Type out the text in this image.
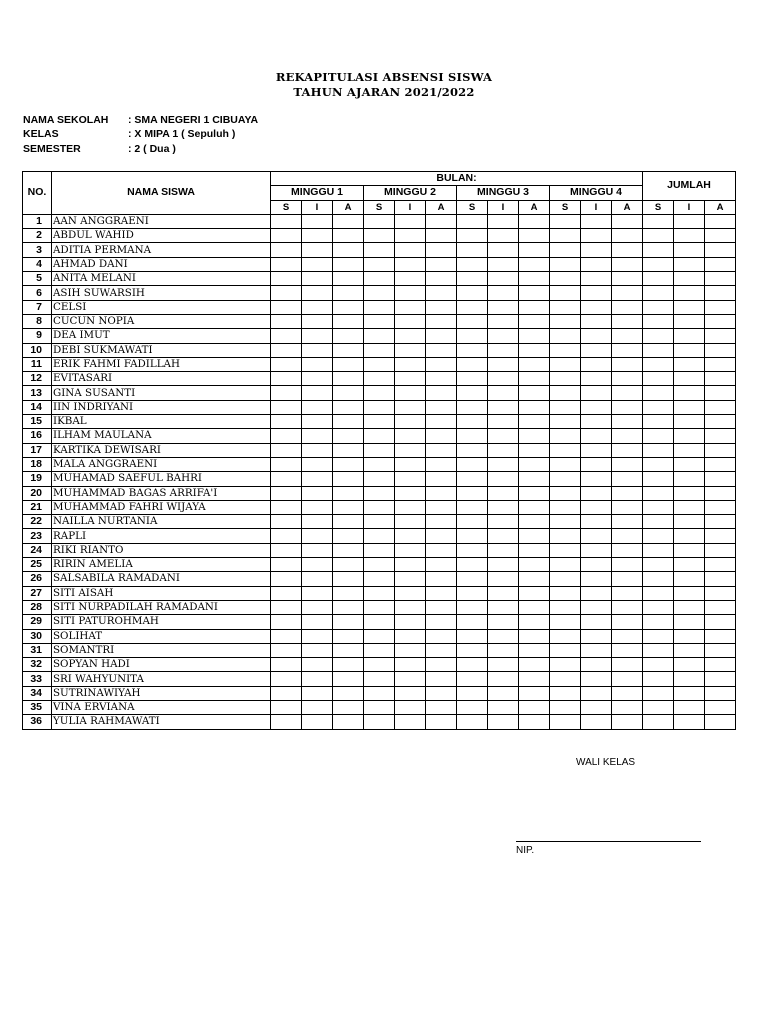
REKAPITULASI ABSENSI SISWA
TAHUN AJARAN 2021/2022
NAMA SEKOLAH : SMA NEGERI 1 CIBUAYA
KELAS	: X MIPA 1 ( Sepuluh )
SEMESTER	: 2 ( Dua )
NO.	NAMA SISWA	BULAN:												JUMLAH		
		MINGGU 1			MINGGU 2			MINGGU 3			MINGGU 4					
		S	I	A	S	I	A	S	I	A	S	I	A	S	I	A
1	AAN ANGGRAENI															
2	ABDUL WAHID															
3	ADITIA PERMANA															
4	AHMAD DANI															
5	ANITA MELANI															
6	ASIH SUWARSIH															
7	CELSI															
8	CUCUN NOPIA															
9	DEA IMUT															
10	DEBI SUKMAWATI															
11	ERIK FAHMI FADILLAH															
12	EVITASARI															
13	GINA SUSANTI															
14	IIN INDRIYANI															
15	IKBAL															
16	ILHAM MAULANA															
17	KARTIKA DEWISARI															
18	MALA ANGGRAENI															
19	MUHAMAD SAEFUL BAHRI															
20	MUHAMMAD BAGAS ARRIFA'I															
21	MUHAMMAD FAHRI WIJAYA															
22	NAILLA NURTANIA															
23	RAPLI															
24	RIKI RIANTO															
25	RIRIN AMELIA															
26	SALSABILA RAMADANI															
27	SITI AISAH															
28	SITI NURPADILAH RAMADANI															
29	SITI PATUROHMAH															
30	SOLIHAT															
31	SOMANTRI															
32	SOPYAN HADI															
33	SRI WAHYUNITA															
34	SUTRINAWIYAH															
35	VINA ERVIANA															
36	YULIA RAHMAWATI															
WALI KELAS
NIP.
